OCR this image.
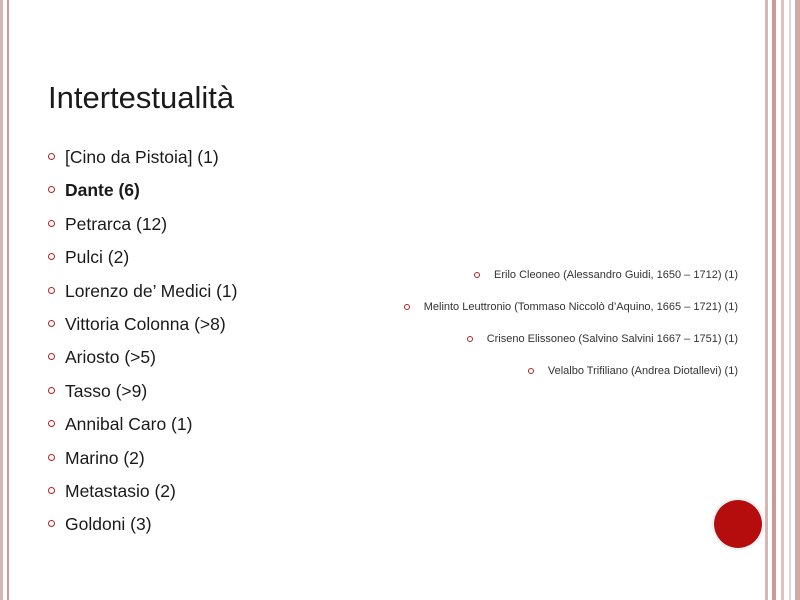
Intertestualità
[Cino da Pistoia] (1)
Dante (6)
Petrarca (12)
Pulci (2)
Lorenzo de’ Medici (1)
Vittoria Colonna (>8)
Ariosto (>5)
Tasso (>9)
Annibal Caro (1)
Marino (2)
Metastasio (2)
Goldoni (3)
Erilo Cleoneo (Alessandro Guidi, 1650 – 1712) (1)
Melinto Leuttronio (Tommaso Niccolò d’Aquino, 1665 – 1721) (1)
Criseno Elissoneo (Salvino Salvini 1667 – 1751) (1)
Velalbo Trifiliano (Andrea Diotallevi) (1)
